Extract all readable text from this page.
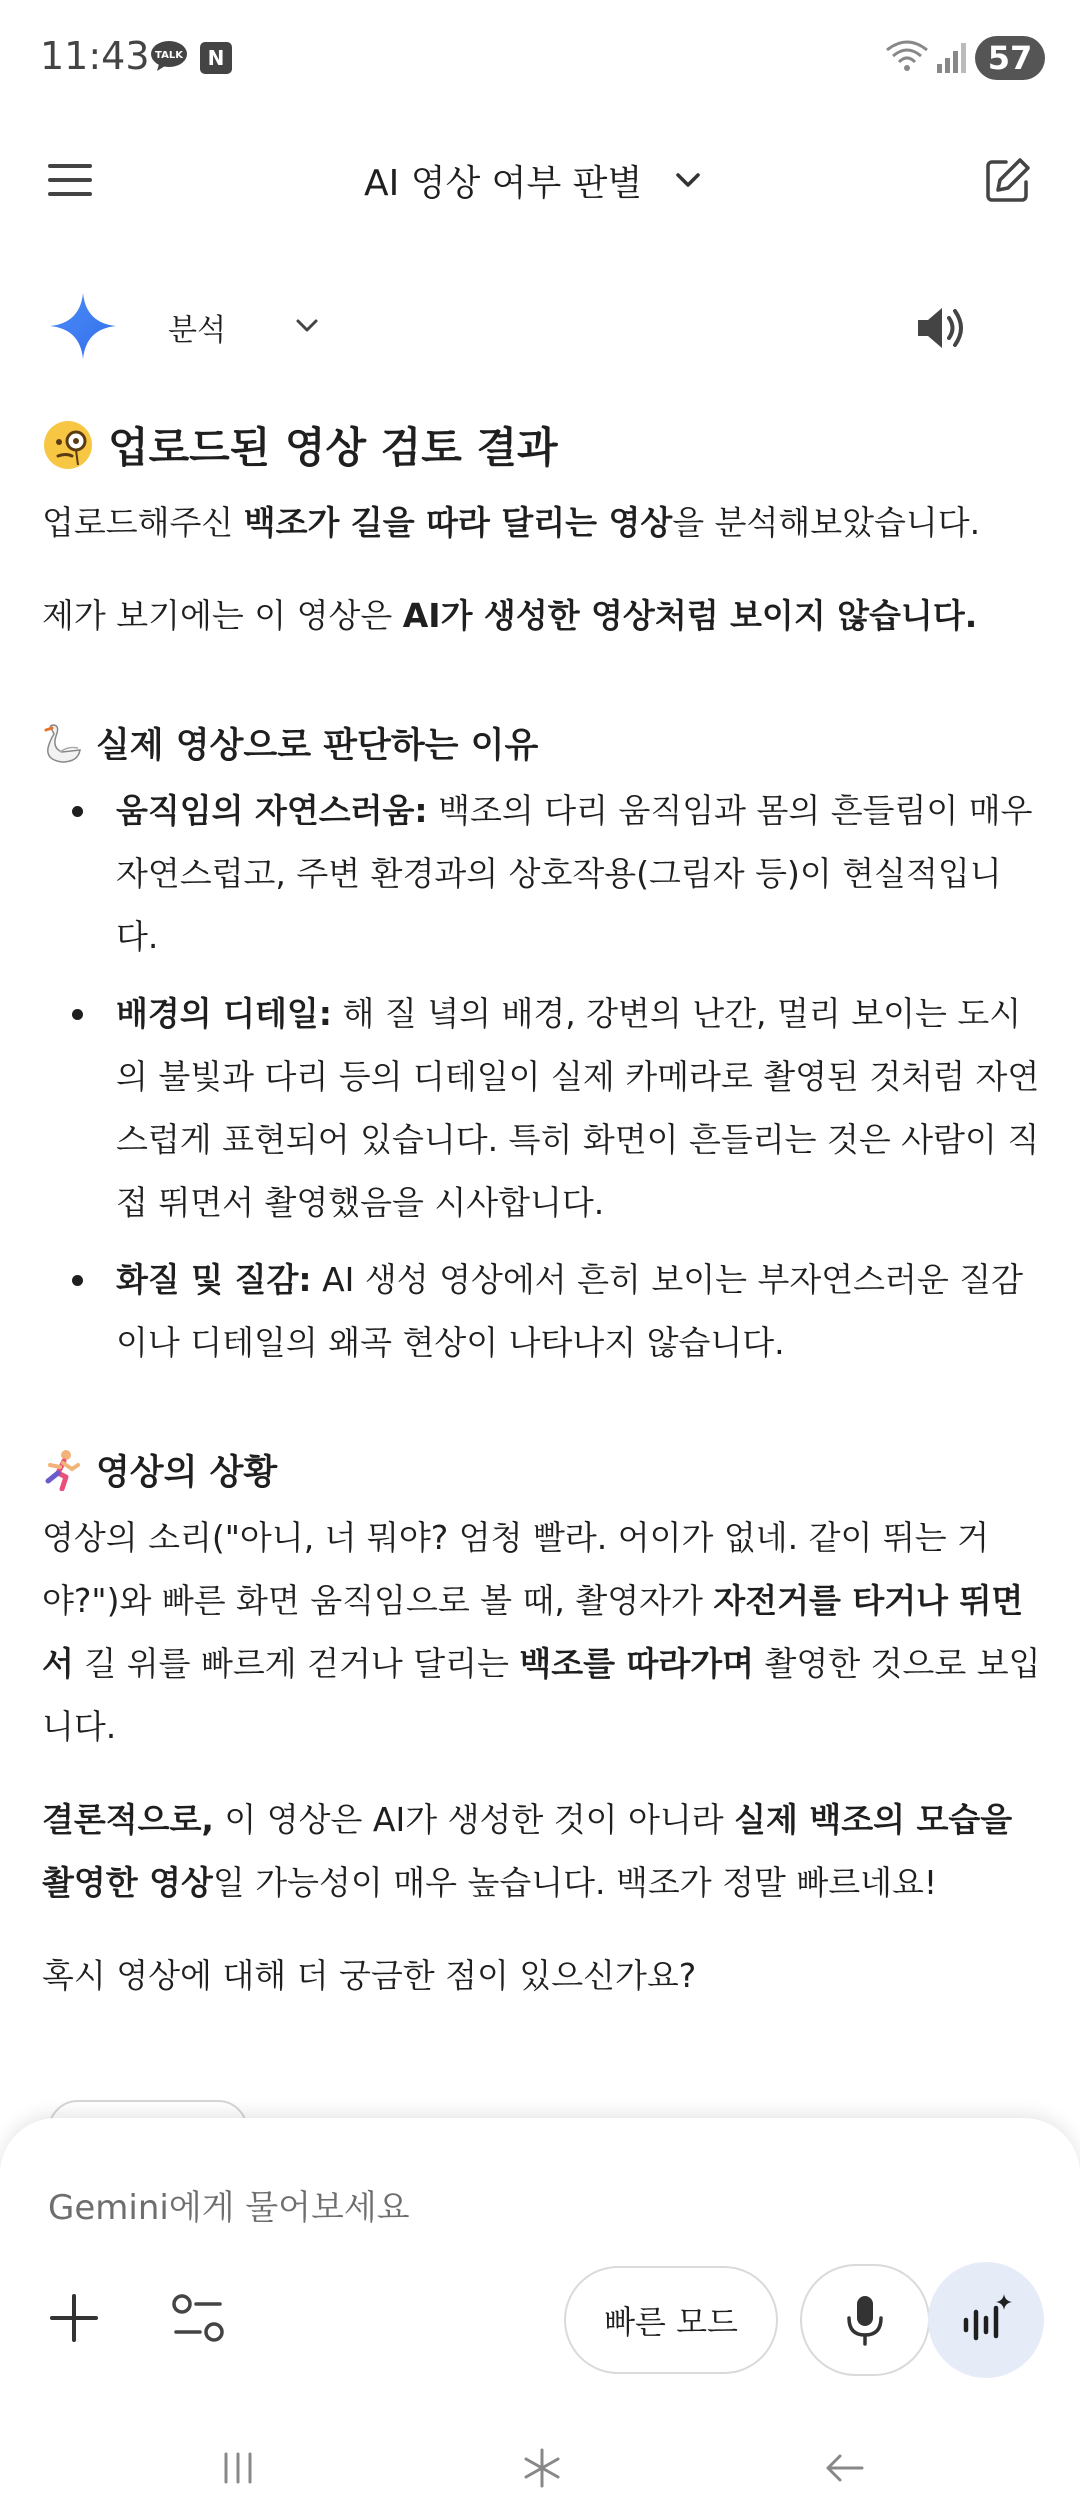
11:43 TALK	N	57
AI 영상 여부 판별
분석
업로드된 영상 검토 결과

업로드해주신 백조가 길을 따라 달리는 영상을 분석해보았습니다.

제가 보기에는 이 영상은 AI가 생성한 영상처럼 보이지 않습니다.

실제 영상으로 판단하는 이유
움직임의 자연스러움: 백조의 다리 움직임과 몸의 흔들림이 매우 자연스럽고, 주변 환경과의 상호작용(그림자 등)이 현실적입니다.
배경의 디테일: 해 질 녘의 배경, 강변의 난간, 멀리 보이는 도시의 불빛과 다리 등의 디테일이 실제 카메라로 촬영된 것처럼 자연스럽게 표현되어 있습니다. 특히 화면이 흔들리는 것은 사람이 직접 뛰면서 촬영했음을 시사합니다.
화질 및 질감: AI 생성 영상에서 흔히 보이는 부자연스러운 질감이나 디테일의 왜곡 현상이 나타나지 않습니다.
영상의 상황

영상의 소리("아니, 너 뭐야? 엄청 빨라. 어이가 없네. 같이 뛰는 거야?")와 빠른 화면 움직임으로 볼 때, 촬영자가 자전거를 타거나 뛰면서 길 위를 빠르게 걷거나 달리는 백조를 따라가며 촬영한 것으로 보입니다.

결론적으로, 이 영상은 AI가 생성한 것이 아니라 실제 백조의 모습을 촬영한 영상일 가능성이 매우 높습니다. 백조가 정말 빠르네요!

혹시 영상에 대해 더 궁금한 점이 있으신가요?

Gemini에게 물어보세요
빠른 모드
